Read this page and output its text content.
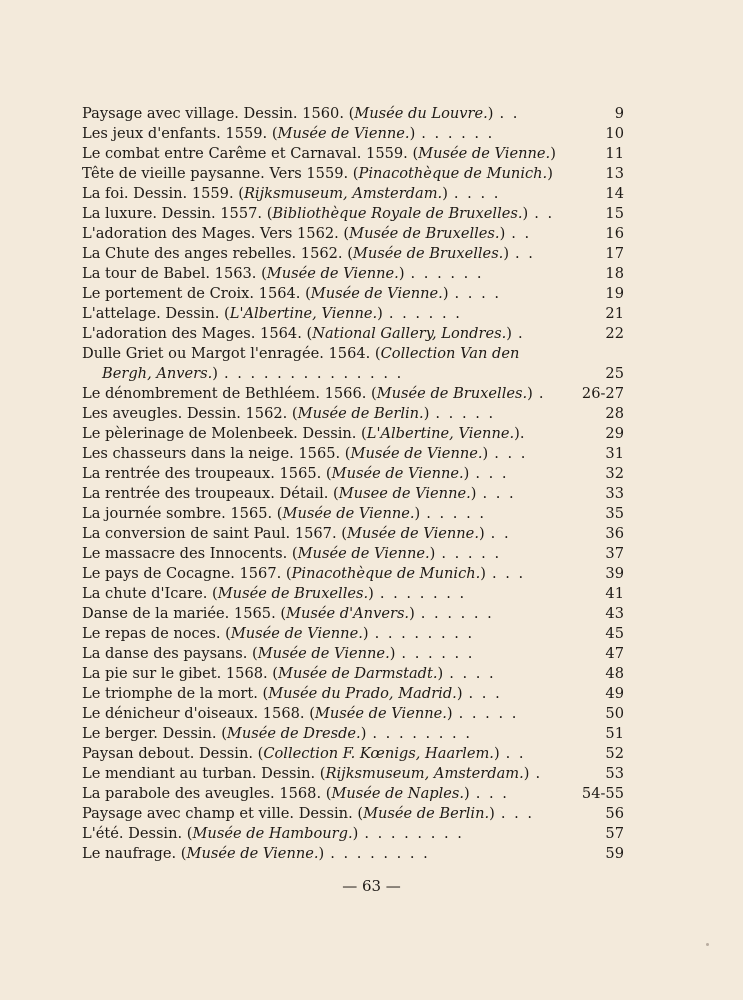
Paysage avec village. Dessin. 1560. (Musée du Louvre.) . .	9
Les jeux d'enfants. 1559. (Musée de Vienne.) . . . . . .	10
Le combat entre Carême et Carnaval. 1559. (Musée de Vienne.)	11
Tête de vieille paysanne. Vers 1559. (Pinacothèque de Munich.)	13
La foi. Dessin. 1559. (Rijksmuseum, Amsterdam.) . . . .	14
La luxure. Dessin. 1557. (Bibliothèque Royale de Bruxelles.) . .	15
L'adoration des Mages. Vers 1562. (Musée de Bruxelles.) . .	16
La Chute des anges rebelles. 1562. (Musée de Bruxelles.) . .	17
La tour de Babel. 1563. (Musée de Vienne.) . . . . . .	18
Le portement de Croix. 1564. (Musée de Vienne.) . . . .	19
L'attelage. Dessin. (L'Albertine, Vienne.) . . . . . .	21
L'adoration des Mages. 1564. (National Gallery, Londres.) .	22
Dulle Griet ou Margot l'enragée. 1564. (Collection Van den
Bergh, Anvers.) . . . . . . . . . . . . . .	25
Le dénombrement de Bethléem. 1566. (Musée de Bruxelles.) . 26-27
Les aveugles. Dessin. 1562. (Musée de Berlin.) . . . . .	28
Le pèlerinage de Molenbeek. Dessin. (L'Albertine, Vienne.).	29
Les chasseurs dans la neige. 1565. (Musée de Vienne.) . . .	31
La rentrée des troupeaux. 1565. (Musée de Vienne.) . . .	32
La rentrée des troupeaux. Détail. (Musee de Vienne.) . . .	33
La journée sombre. 1565. (Musée de Vienne.) . . . . .	35
La conversion de saint Paul. 1567. (Musée de Vienne.) . .	36
Le massacre des Innocents. (Musée de Vienne.) . . . . .	37
Le pays de Cocagne. 1567. (Pinacothèque de Munich.) . . .	39
La chute d'Icare. (Musée de Bruxelles.) . . . . . . .	41
Danse de la mariée. 1565. (Musée d'Anvers.) . . . . . .	43
Le repas de noces. (Musée de Vienne.) . . . . . . . .	45
La danse des paysans. (Musée de Vienne.) . . . . . .	47
La pie sur le gibet. 1568. (Musée de Darmstadt.) . . . .	48
Le triomphe de la mort. (Musée du Prado, Madrid.) . . .	49
Le dénicheur d'oiseaux. 1568. (Musée de Vienne.) . . . . .	50
Le berger. Dessin. (Musée de Dresde.) . . . . . . . .	51
Paysan debout. Dessin. (Collection F. Kœnigs, Haarlem.) . .	52
Le mendiant au turban. Dessin. (Rijksmuseum, Amsterdam.) .	53
La parabole des aveugles. 1568. (Musée de Naples.) . . .	54-55
Paysage avec champ et ville. Dessin. (Musée de Berlin.) . . .	56
L'été. Dessin. (Musée de Hambourg.) . . . . . . . .	57
Le naufrage. (Musée de Vienne.) . . . . . . . .	59
— 63 —
